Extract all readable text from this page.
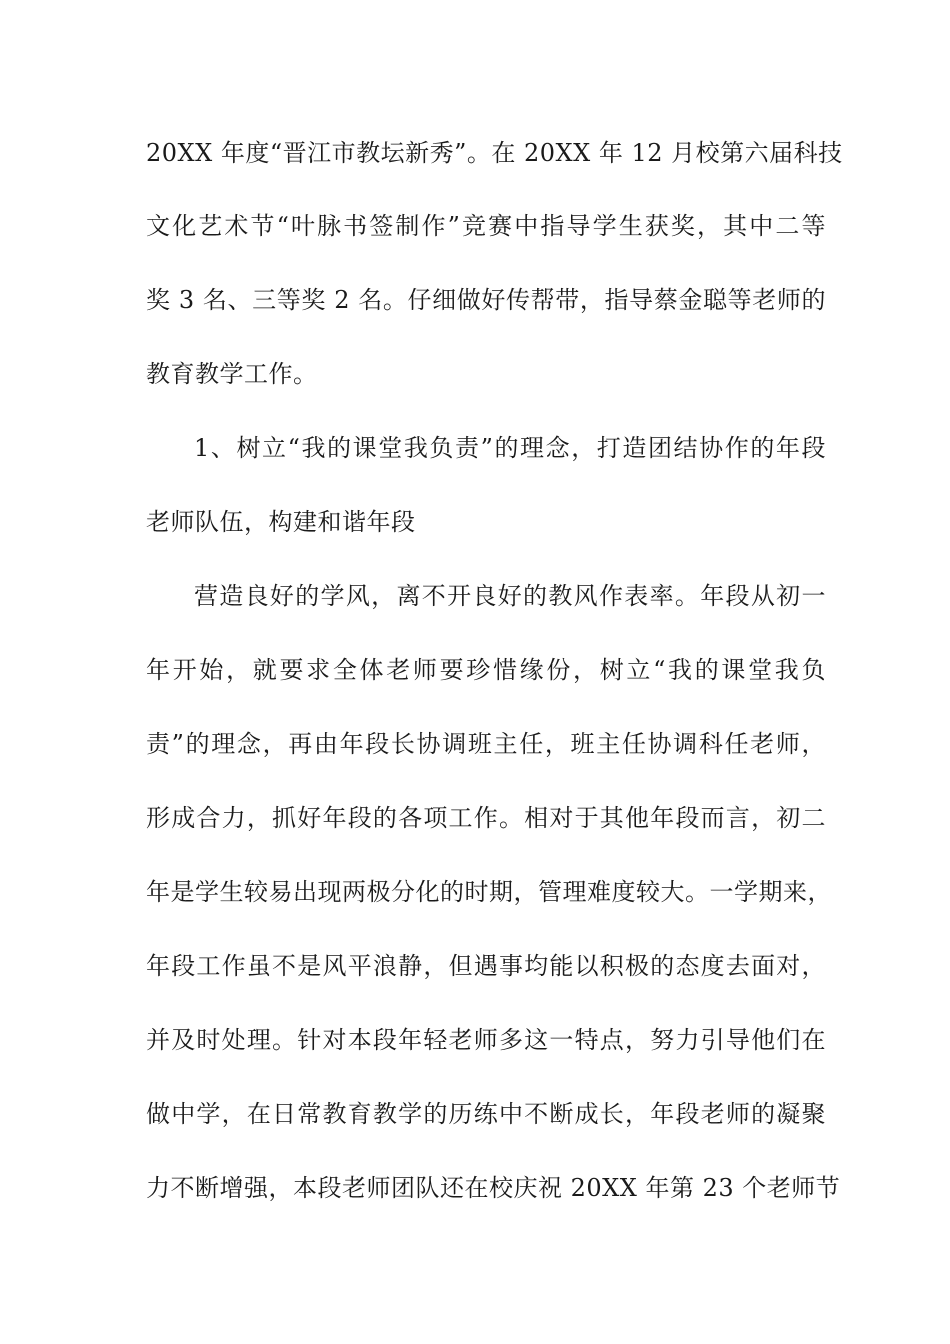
20XX 年度“晋江市教坛新秀”。在 20XX 年 12 月校第六届科技
文化艺术节“叶脉书签制作”竞赛中指导学生获奖，其中二等
奖 3 名、三等奖 2 名。仔细做好传帮带，指导蔡金聪等老师的
教育教学工作。
1、树立“我的课堂我负责”的理念，打造团结协作的年段
老师队伍，构建和谐年段
营造良好的学风，离不开良好的教风作表率。年段从初一
年开始，就要求全体老师要珍惜缘份，树立“我的课堂我负
责”的理念，再由年段长协调班主任，班主任协调科任老师，
形成合力，抓好年段的各项工作。相对于其他年段而言，初二
年是学生较易出现两极分化的时期，管理难度较大。一学期来，
年段工作虽不是风平浪静，但遇事均能以积极的态度去面对，
并及时处理。针对本段年轻老师多这一特点，努力引导他们在
做中学，在日常教育教学的历练中不断成长，年段老师的凝聚
力不断增强，本段老师团队还在校庆祝 20XX 年第 23 个老师节
